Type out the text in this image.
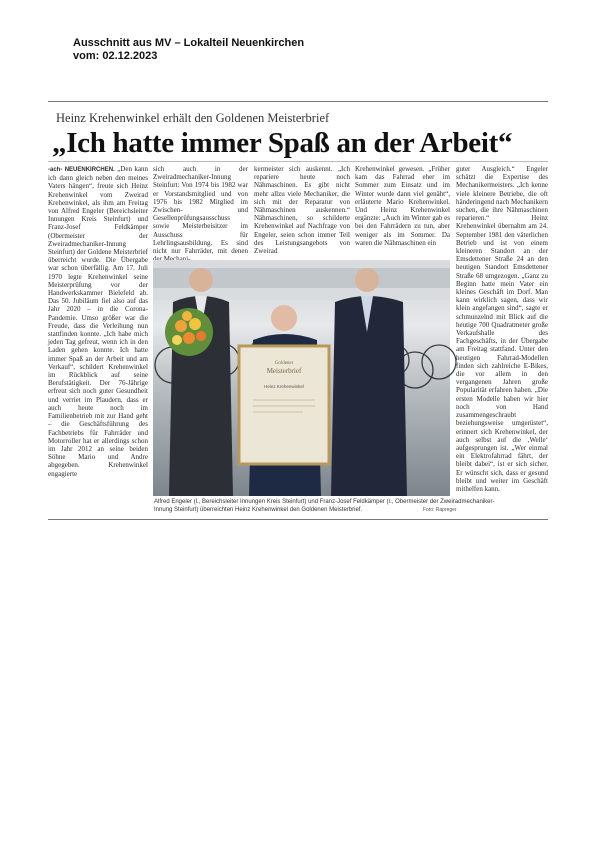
Ausschnitt aus MV – Lokalteil Neuenkirchen
vom: 02.12.2023
Heinz Krehenwinkel erhält den Goldenen Meisterbrief
„Ich hatte immer Spaß an der Arbeit“
-ach- NEUENKIRCHEN. „Den kann ich dann gleich neben den meines Vaters hängen“, freute sich Heinz Krehenwinkel vom Zweirad Krehenwinkel, als ihm am Freitag von Alfred Engeler (Bereichsleiter Innungen Kreis Steinfurt) und Franz-Josef Feldkämper (Obermeister der Zweiradmechaniker-Innung Steinfurt) der Goldene Meisterbrief überreicht wurde. Die Übergabe war schon überfällig. Am 17. Juli 1970 legte Krehenwinkel seine Meisterprüfung vor der Handwerkskammer Bielefeld ab. Das 50. Jubiläum fiel also auf das Jahr 2020 – in die Corona-Pandemie. Umso größer war die Freude, dass die Verleihung nun stattfinden konnte. „Ich habe mich jeden Tag gefreut, wenn ich in den Laden gehen konnte. Ich hatte immer Spaß an der Arbeit und am Verkauf“, schildert Krehenwinkel im Rückblick auf seine Berufstätigkeit. Der 76-Jährige erfreut sich noch guter Gesundheit und verriet im Plaudern, dass er auch heute noch im Familienbetrieb mit zur Hand geht – die Geschäftsführung des Fachbetriebs für Fahrräder und Motorroller hat er allerdings schon im Jahr 2012 an seine beiden Söhne Mario und Andre abgegeben. Krehenwinkel engagierte
sich auch in der Zweiradmechaniker-Innung Steinfurt: Von 1974 bis 1982 war er Vorstandsmitglied und von 1976 bis 1982 Mitglied im Zwischen- und Gesellenprüfungsausschuss sowie Meisterbeisitzer im Ausschuss für Lehrlingsausbildung. Es sind nicht nur Fahrräder, mit denen
kermeister sich auskennt. „Ich repariere heute noch Nähmaschinen. Es gibt nicht mehr allzu viele Mechaniker, die sich mit der Reparatur von Nähmaschinen auskennen.“ Nähmaschinen, so schilderte Krehenwinkel auf Nachfrage von Engeler, seien schon immer Teil des Leistungsangebots von Zweirad
Krehenwinkel gewesen. „Früher kam das Fahrrad eher im Sommer zum Einsatz und im Winter wurde dann viel genäht“, erläuterte Mario Krehenwinkel. Und Heinz Krehenwinkel ergänzte: „Auch im Winter gab es bei den Fahrrädern zu tun, aber weniger als im Sommer. Da waren die Nähmaschinen ein
guter Ausgleich.“ Engeler schätzt die Expertise des Mechanikermeisters. „Ich kenne viele kleinere Betriebe, die oft händeringend nach Mechanikern suchen, die ihre Nähmaschinen reparieren.“ Heinz Krehenwinkel übernahm am 24. September 1981 den väterlichen Betrieb und ist von einem kleineren Standort an der Emsdettener Straße 24 an den heutigen Standort Emsdettener Straße 68 umgezogen. „Ganz zu Beginn hatte mein Vater ein kleines Geschäft im Dorf. Man kann wirklich sagen, dass wir klein angefangen sind“, sagte er schmunzelnd mit Blick auf die heutige 700 Quadratmeter große Verkaufshalle des Fachgeschäfts, in der Übergabe am Freitag stattfand. Unter den heutigen Fahrrad-Modellen finden sich zahlreiche E-Bikes, die vor allem in den vergangenen Jahren große Popularität erfahren haben. „Die ersten Modelle haben wir hier noch von Hand zusammengeschraubt beziehungsweise umgerüstet“, erinnert sich Krehenwinkel, der auch selbst auf die ‚Welle‘ aufgesprungen ist. „Wer einmal ein Elektrofahrrad fährt, der bleibt dabei“, ist er sich sicher. Er wünscht sich, dass er gesund bleibt und weiter im Geschäft mithelfen kann.
Goldener
Meisterbrief
Heinz Krehenwinkel
Alfred Engeler (l., Bereichsleiter Innungen Kreis Steinfurt) und Franz-Josef Feldkämper (r., Obermeister der Zweiradmechaniker-Innung Steinfurt) überreichten Heinz Krehenwinkel den Goldenen Meisterbrief.	Foto: Rapreger
